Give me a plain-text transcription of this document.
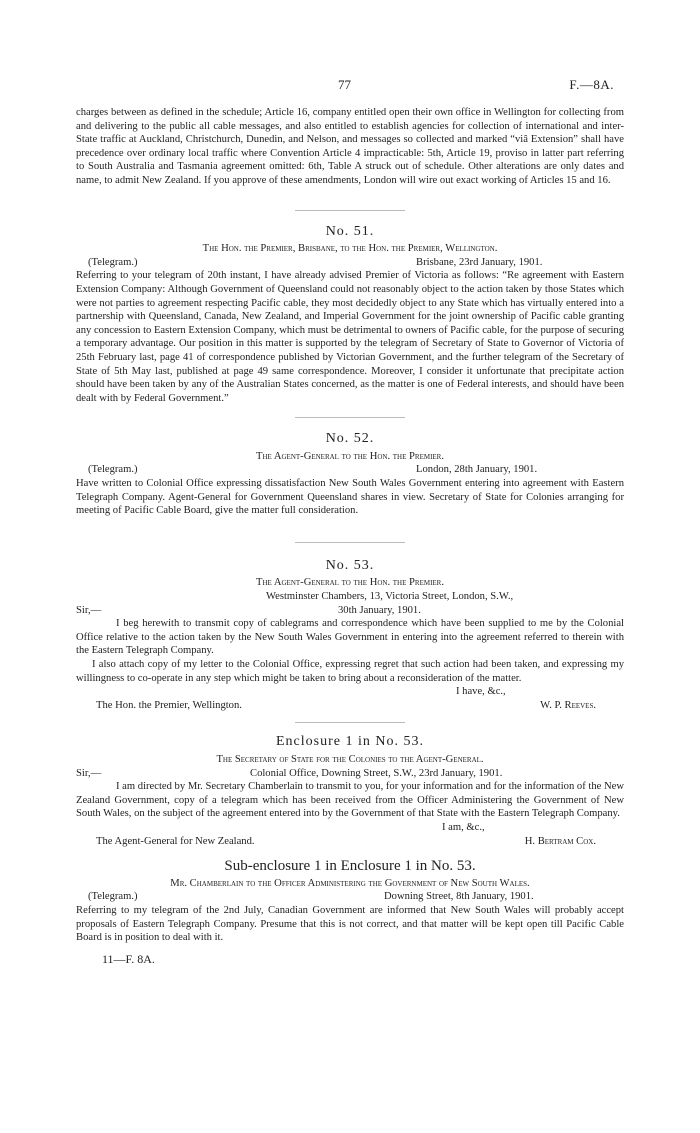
77	F.—8A.

charges between as defined in the schedule; Article 16, company entitled open their own office in Wellington for collecting from and delivering to the public all cable messages, and also entitled to establish agencies for collection of international and inter-State traffic at Auckland, Christchurch, Dunedin, and Nelson, and messages so collected and marked “viâ Extension” shall have precedence over ordinary local traffic where Convention Article 4 impracticable: 5th, Article 19, proviso in latter part referring to South Australia and Tasmania agreement omitted: 6th, Table A struck out of schedule. Other alterations are only dates and name, to admit New Zealand. If you approve of these amendments, London will wire out exact working of Articles 15 and 16.

No. 51.
The Hon. the Premier, Brisbane, to the Hon. the Premier, Wellington.
(Telegram.)	Brisbane, 23rd January, 1901.

Referring to your telegram of 20th instant, I have already advised Premier of Victoria as follows: “Re agreement with Eastern Extension Company: Although Government of Queensland could not reasonably object to the action taken by those States which were not parties to agreement respecting Pacific cable, they most decidedly object to any State which has virtually entered into a partnership with Queensland, Canada, New Zealand, and Imperial Government for the joint ownership of Pacific cable granting any concession to Eastern Extension Company, which must be detrimental to owners of Pacific cable, for the purpose of securing a temporary advantage. Our position in this matter is supported by the telegram of Secretary of State to Governor of Victoria of 25th February last, page 41 of correspondence published by Victorian Government, and the further telegram of the Secretary of State of 5th May last, published at page 49 same correspondence. Moreover, I consider it unfortunate that precipitate action should have been taken by any of the Australian States concerned, as the matter is one of Federal interests, and should have been dealt with by Federal Government.”

No. 52.
The Agent-General to the Hon. the Premier.
(Telegram.)	London, 28th January, 1901.

Have written to Colonial Office expressing dissatisfaction New South Wales Government entering into agreement with Eastern Telegraph Company. Agent-General for Government Queensland shares in view. Secretary of State for Colonies arranging for meeting of Pacific Cable Board, give the matter full consideration.

No. 53.
The Agent-General to the Hon. the Premier.
Westminster Chambers, 13, Victoria Street, London, S.W.,
Sir,—	30th January, 1901.

I beg herewith to transmit copy of cablegrams and correspondence which have been supplied to me by the Colonial Office relative to the action taken by the New South Wales Government in entering into the agreement referred to therein with the Eastern Telegraph Company.

I also attach copy of my letter to the Colonial Office, expressing regret that such action had been taken, and expressing my willingness to co-operate in any step which might be taken to bring about a reconsideration of the matter.

I have, &c.,
The Hon. the Premier, Wellington.	W. P. Reeves.
Enclosure 1 in No. 53.
The Secretary of State for the Colonies to the Agent-General.
Sir,—	Colonial Office, Downing Street, S.W., 23rd January, 1901.

I am directed by Mr. Secretary Chamberlain to transmit to you, for your information and for the information of the New Zealand Government, copy of a telegram which has been received from the Officer Administering the Government of New South Wales, on the subject of the agreement entered into by the Government of that State with the Eastern Telegraph Company.

I am, &c.,
The Agent-General for New Zealand.	H. Bertram Cox.
Sub-enclosure 1 in Enclosure 1 in No. 53.
Mr. Chamberlain to the Officer Administering the Government of New South Wales.
(Telegram.)	Downing Street, 8th January, 1901.

Referring to my telegram of the 2nd July, Canadian Government are informed that New South Wales will probably accept proposals of Eastern Telegraph Company. Presume that this is not correct, and that matter will be kept open till Pacific Cable Board is in position to deal with it.

11—F. 8A.
